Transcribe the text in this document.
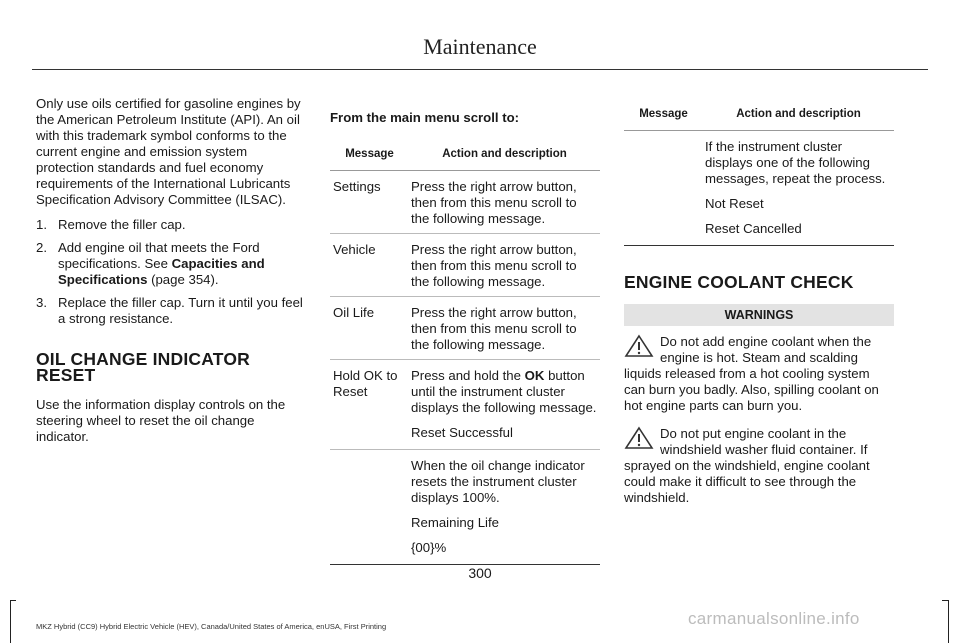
Maintenance

Only use oils certified for gasoline engines by the American Petroleum Institute (API). An oil with this trademark symbol conforms to the current engine and emission system protection standards and fuel economy requirements of the International Lubricants Specification Advisory Committee (ILSAC).

1. Remove the filler cap.
2. Add engine oil that meets the Ford specifications. See Capacities and Specifications (page 354).
3. Replace the filler cap. Turn it until you feel a strong resistance.
OIL CHANGE INDICATOR RESET

Use the information display controls on the steering wheel to reset the oil change indicator.

From the main menu scroll to:

Message	Action and description
Settings	Press the right arrow button, then from this menu scroll to the following message.
Vehicle	Press the right arrow button, then from this menu scroll to the following message.
Oil Life	Press the right arrow button, then from this menu scroll to the following message.
Hold OK to Reset	Press and hold the OK button until the instrument cluster displays the following message.

Reset Successful

	When the oil change indicator resets the instrument cluster displays 100%.

Remaining Life

{00}%

Message	Action and description

	If the instrument cluster displays one of the following messages, repeat the process.

Not Reset

Reset Cancelled

ENGINE COOLANT CHECK
WARNINGS
Do not add engine coolant when the engine is hot. Steam and scalding liquids released from a hot cooling system can burn you badly. Also, spilling coolant on hot engine parts can burn you.
Do not put engine coolant in the windshield washer fluid container. If sprayed on the windshield, engine coolant could make it difficult to see through the windshield.
300
MKZ Hybrid (CC9) Hybrid Electric Vehicle (HEV), Canada/United States of America, enUSA, First Printing	carmanualsonline.info
